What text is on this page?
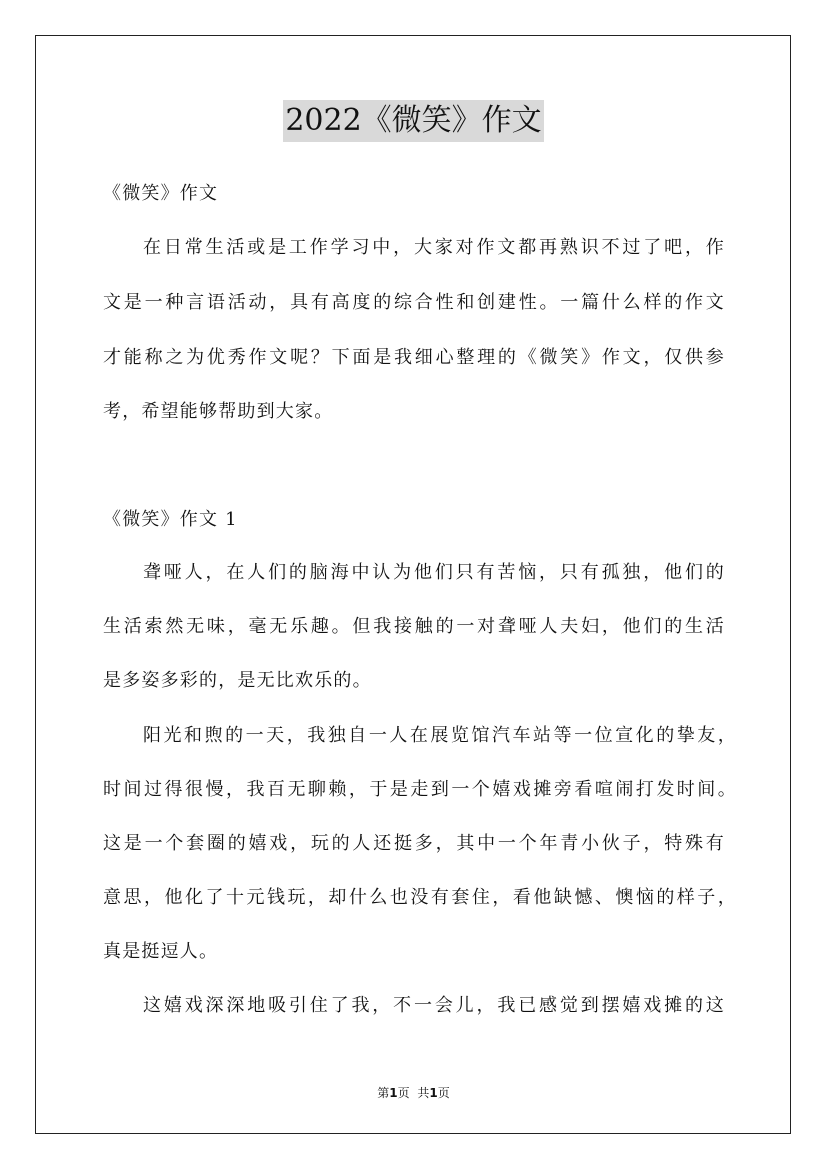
2022《微笑》作文
《微笑》作文
在日常生活或是工作学习中，大家对作文都再熟识不过了吧，作
文是一种言语活动，具有高度的综合性和创建性。一篇什么样的作文
才能称之为优秀作文呢？下面是我细心整理的《微笑》作文，仅供参
考，希望能够帮助到大家。
《微笑》作文 1
聋哑人，在人们的脑海中认为他们只有苦恼，只有孤独，他们的
生活索然无味，毫无乐趣。但我接触的一对聋哑人夫妇，他们的生活
是多姿多彩的，是无比欢乐的。
阳光和煦的一天，我独自一人在展览馆汽车站等一位宣化的挚友，
时间过得很慢，我百无聊赖，于是走到一个嬉戏摊旁看喧闹打发时间。
这是一个套圈的嬉戏，玩的人还挺多，其中一个年青小伙子，特殊有
意思，他化了十元钱玩，却什么也没有套住，看他缺憾、懊恼的样子，
真是挺逗人。
这嬉戏深深地吸引住了我，不一会儿，我已感觉到摆嬉戏摊的这
第1页 共1页
